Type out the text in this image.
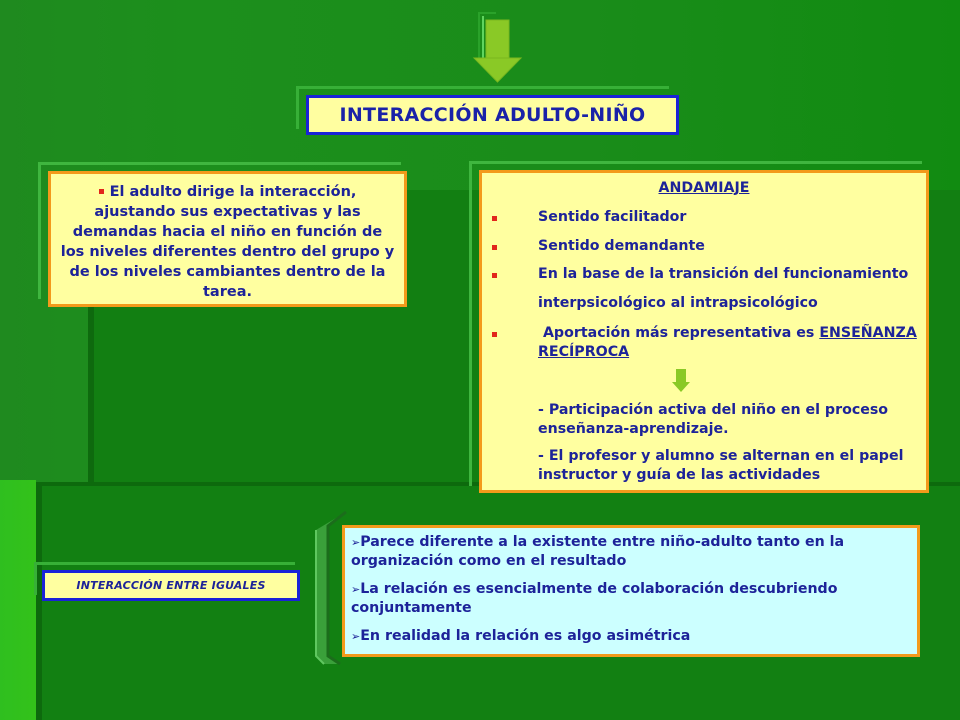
INTERACCIÓN ADULTO-NIÑO
El adulto dirige la interacción, ajustando sus expectativas y las demandas hacia el niño en función de los niveles diferentes dentro del grupo y de los niveles cambiantes dentro de la tarea.
ANDAMIAJE
Sentido facilitador
Sentido demandante
En la base de la transición del funcionamiento
interpsicológico al intrapsicológico
Aportación más representativa es ENSEÑANZA
RECÍPROCA
- Participación activa del niño en el proceso enseñanza-aprendizaje.
- El profesor y alumno se alternan en el papel instructor y guía de las actividades
INTERACCIÓN ENTRE IGUALES

➢Parece diferente a la existente entre niño-adulto tanto en la organización como en el resultado

➢La relación es esencialmente de colaboración descubriendo conjuntamente

➢En realidad la relación es algo asimétrica
